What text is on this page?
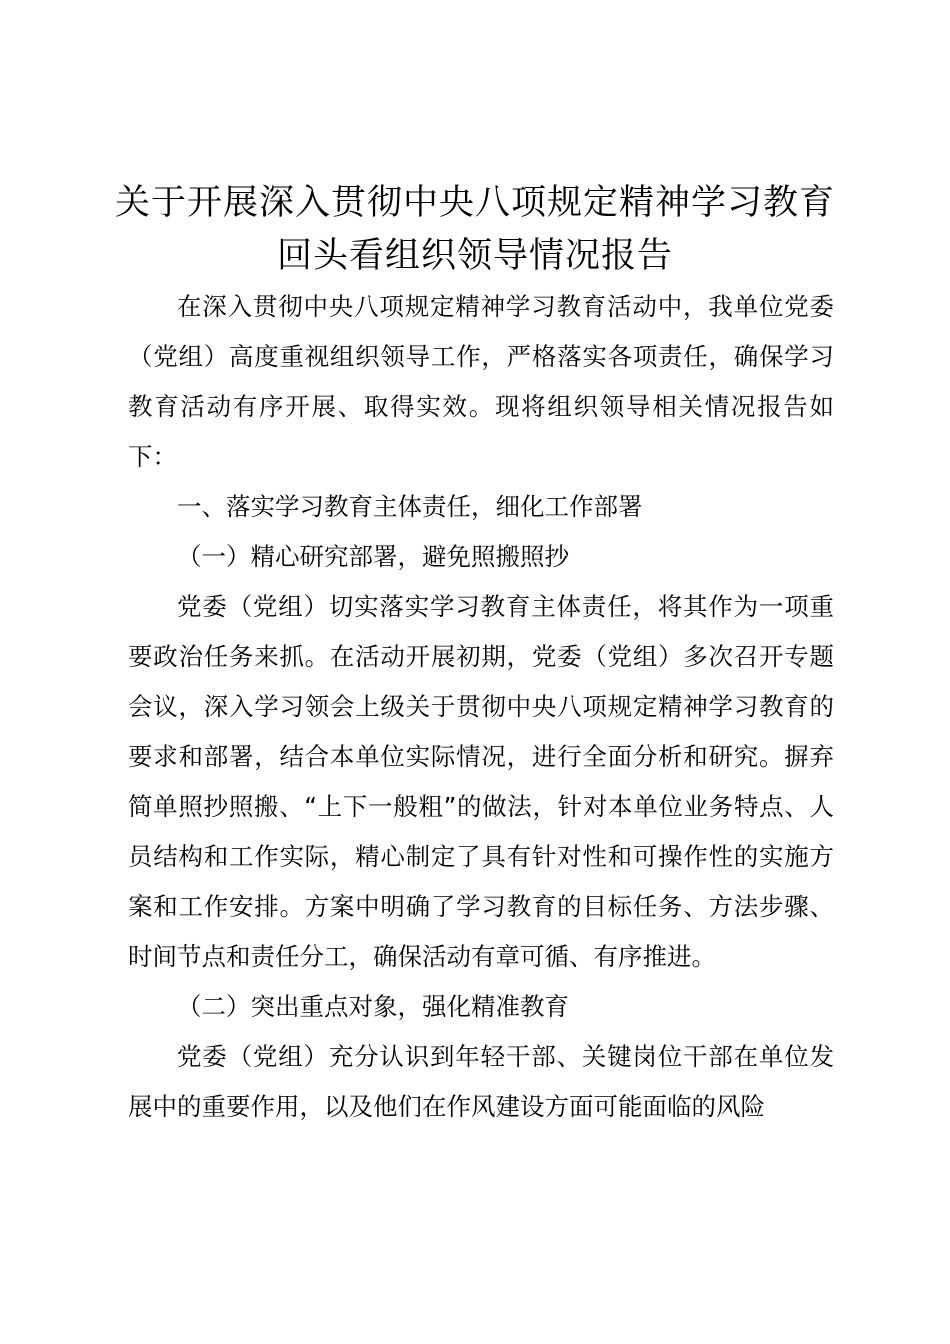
关于开展深入贯彻中央八项规定精神学习教育
回头看组织领导情况报告

在深入贯彻中央八项规定精神学习教育活动中，我单位党委（党组）高度重视组织领导工作，严格落实各项责任，确保学习教育活动有序开展、取得实效。现将组织领导相关情况报告如下：

一、落实学习教育主体责任，细化工作部署

（一）精心研究部署，避免照搬照抄

党委（党组）切实落实学习教育主体责任，将其作为一项重要政治任务来抓。在活动开展初期，党委（党组）多次召开专题会议，深入学习领会上级关于贯彻中央八项规定精神学习教育的要求和部署，结合本单位实际情况，进行全面分析和研究。摒弃简单照抄照搬、“上下一般粗”的做法，针对本单位业务特点、人员结构和工作实际，精心制定了具有针对性和可操作性的实施方案和工作安排。方案中明确了学习教育的目标任务、方法步骤、时间节点和责任分工，确保活动有章可循、有序推进。

（二）突出重点对象，强化精准教育

党委（党组）充分认识到年轻干部、关键岗位干部在单位发展中的重要作用，以及他们在作风建设方面可能面临的风险
